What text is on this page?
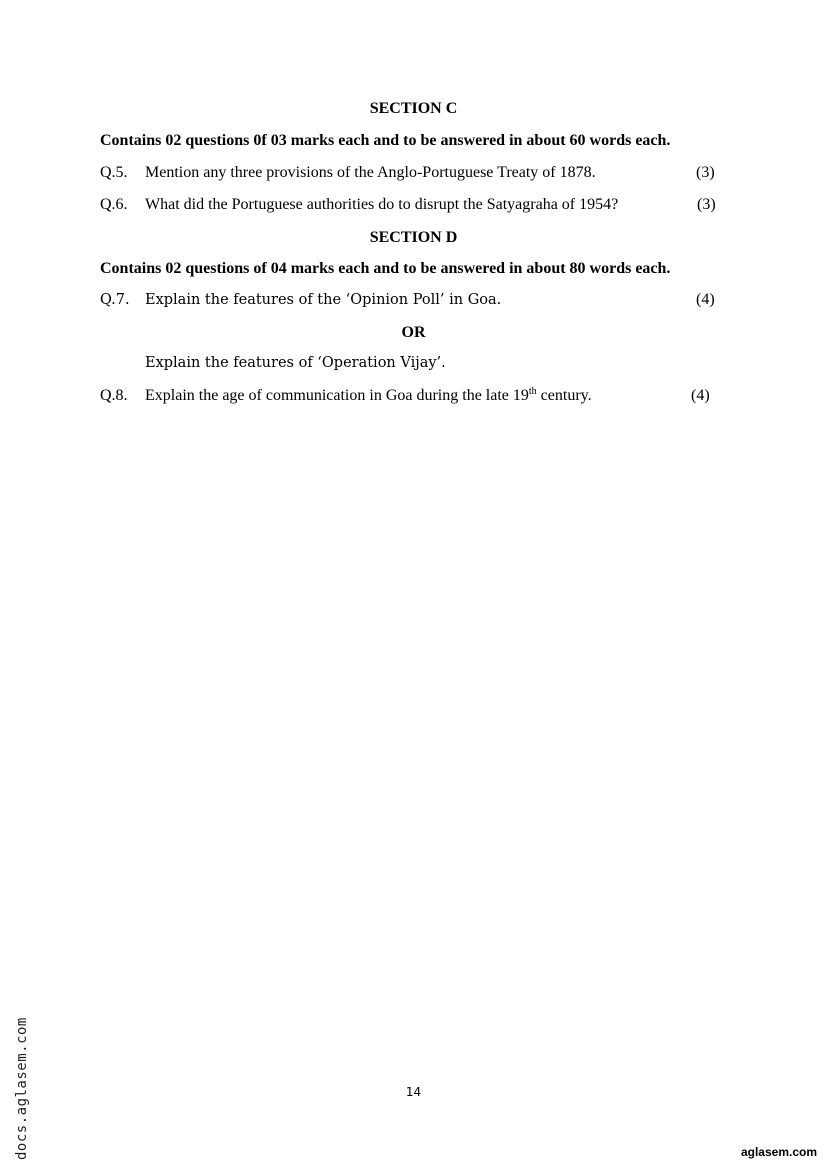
SECTION C
Contains 02 questions 0f 03 marks each and to be answered in about 60 words each.
Q.5. Mention any three provisions of the Anglo-Portuguese Treaty of 1878.	(3)
Q.6. What did the Portuguese authorities do to disrupt the Satyagraha of 1954?	(3)
SECTION D
Contains 02 questions of 04 marks each and to be answered in about 80 words each.
Q.7. Explain the features of the ‘Opinion Poll’ in Goa.	(4)
OR
Explain the features of ‘Operation Vijay’.
Q.8. Explain the age of communication in Goa during the late 19th century.	(4)
14
docs.aglasem.com	aglasem.com
